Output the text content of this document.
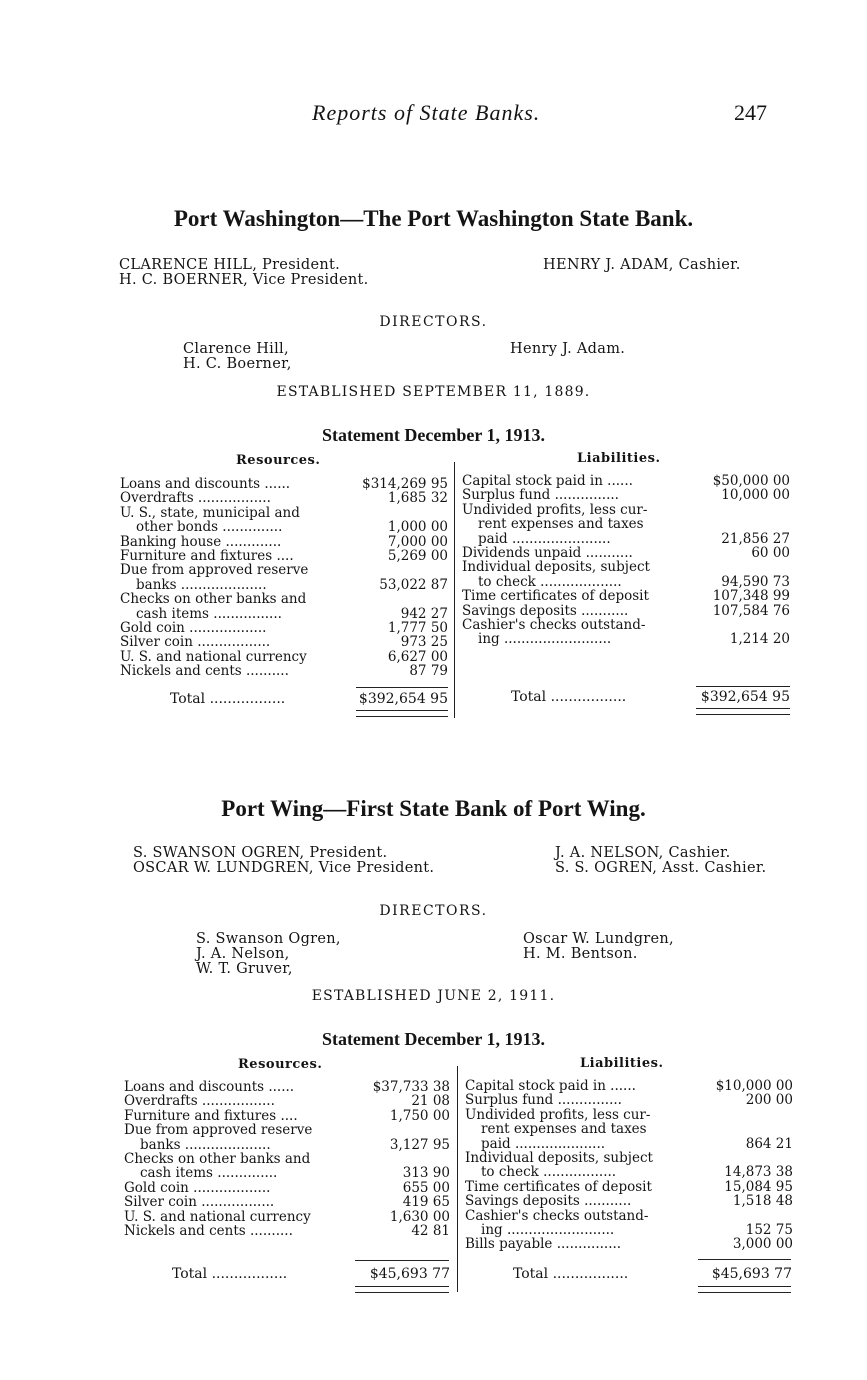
Reports of State Banks.	247
Port Washington—The Port Washington State Bank.
CLARENCE HILL, President.
H. C. BOERNER, Vice President.
HENRY J. ADAM, Cashier.
DIRECTORS.
Clarence Hill,
H. C. Boerner,
Henry J. Adam.
ESTABLISHED SEPTEMBER 11, 1889.
Statement December 1, 1913.
Resources.	Liabilities.
Loans and discounts ......	$314,269 95
Overdrafts .................	1,685 32
U. S., state, municipal and
other bonds ..............	1,000 00
Banking house .............	7,000 00
Furniture and fixtures ....	5,269 00
Due from approved reserve
banks ....................	53,022 87
Checks on other banks and
cash items ................	942 27
Gold coin ..................	1,777 50
Silver coin .................	973 25
U. S. and national currency	6,627 00
Nickels and cents ..........	87 79
Capital stock paid in ......	$50,000 00
Surplus fund ...............	10,000 00
Undivided profits, less cur-
rent expenses and taxes
paid .......................	21,856 27
Dividends unpaid ...........	60 00
Individual deposits, subject
to check ...................	94,590 73
Time certificates of deposit	107,348 99
Savings deposits ...........	107,584 76
Cashier's checks outstand-
ing .........................	1,214 20
Total .................	$392,654 95	Total .................	$392,654 95
Port Wing—First State Bank of Port Wing.
S. SWANSON OGREN, President.
OSCAR W. LUNDGREN, Vice President.
J. A. NELSON, Cashier.
S. S. OGREN, Asst. Cashier.
DIRECTORS.
S. Swanson Ogren,
J. A. Nelson,
W. T. Gruver,
Oscar W. Lundgren,
H. M. Bentson.
ESTABLISHED JUNE 2, 1911.
Statement December 1, 1913.
Resources.	Liabilities.
Loans and discounts ......	$37,733 38
Overdrafts .................	21 08
Furniture and fixtures ....	1,750 00
Due from approved reserve
banks ....................	3,127 95
Checks on other banks and
cash items ..............	313 90
Gold coin ..................	655 00
Silver coin .................	419 65
U. S. and national currency	1,630 00
Nickels and cents ..........	42 81
Capital stock paid in ......	$10,000 00
Surplus fund ...............	200 00
Undivided profits, less cur-
rent expenses and taxes
paid .....................	864 21
Individual deposits, subject
to check .................	14,873 38
Time certificates of deposit	15,084 95
Savings deposits ...........	1,518 48
Cashier's checks outstand-
ing .........................	152 75
Bills payable ...............	3,000 00
Total .................	$45,693 77	Total .................	$45,693 77
